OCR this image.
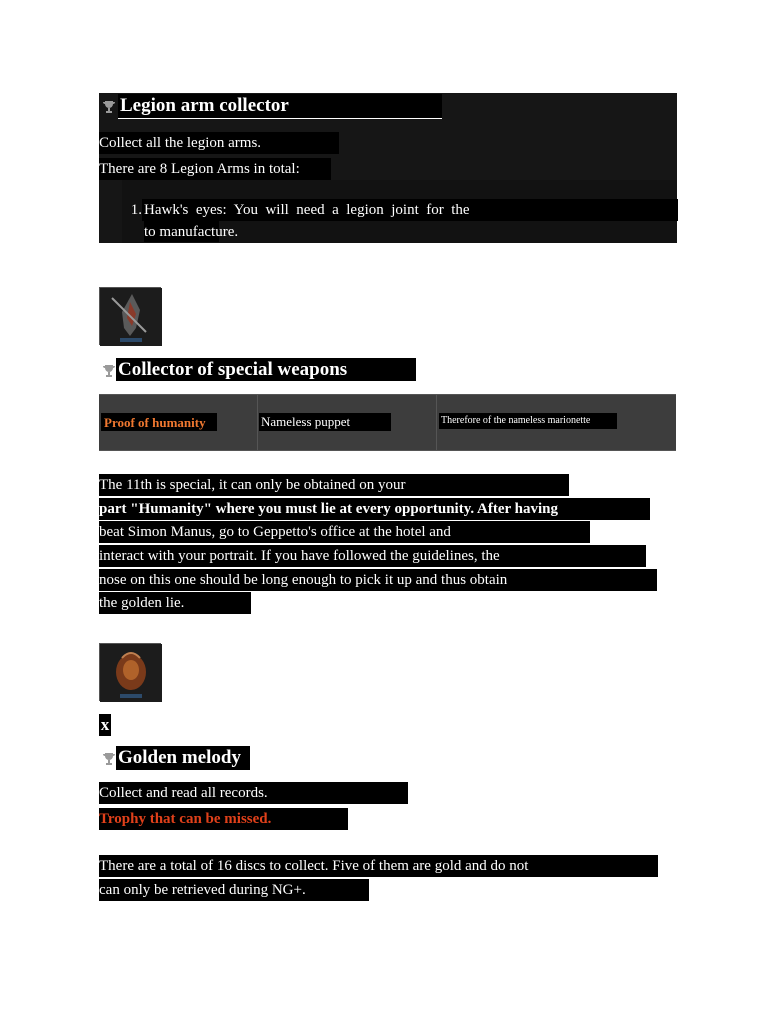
Legion arm collector
Collect all the legion arms.
There are 8 Legion Arms in total:
1. Hawk's  eyes:  You  will  need  a  legion  joint  for  the
to manufacture.
Collector of special weapons
Proof of humanity	Nameless puppet	Therefore of the nameless marionette
The 11th is special, it can only be obtained on your
part "Humanity" where you must lie at every opportunity. After having
beat Simon Manus, go to Geppetto's office at the hotel and
interact with your portrait. If you have followed the guidelines, the
nose on this one should be long enough to pick it up and thus obtain
the golden lie.
x
Golden melody
Collect and read all records.
Trophy that can be missed.
There are a total of 16 discs to collect. Five of them are gold and do not
can only be retrieved during NG+.
